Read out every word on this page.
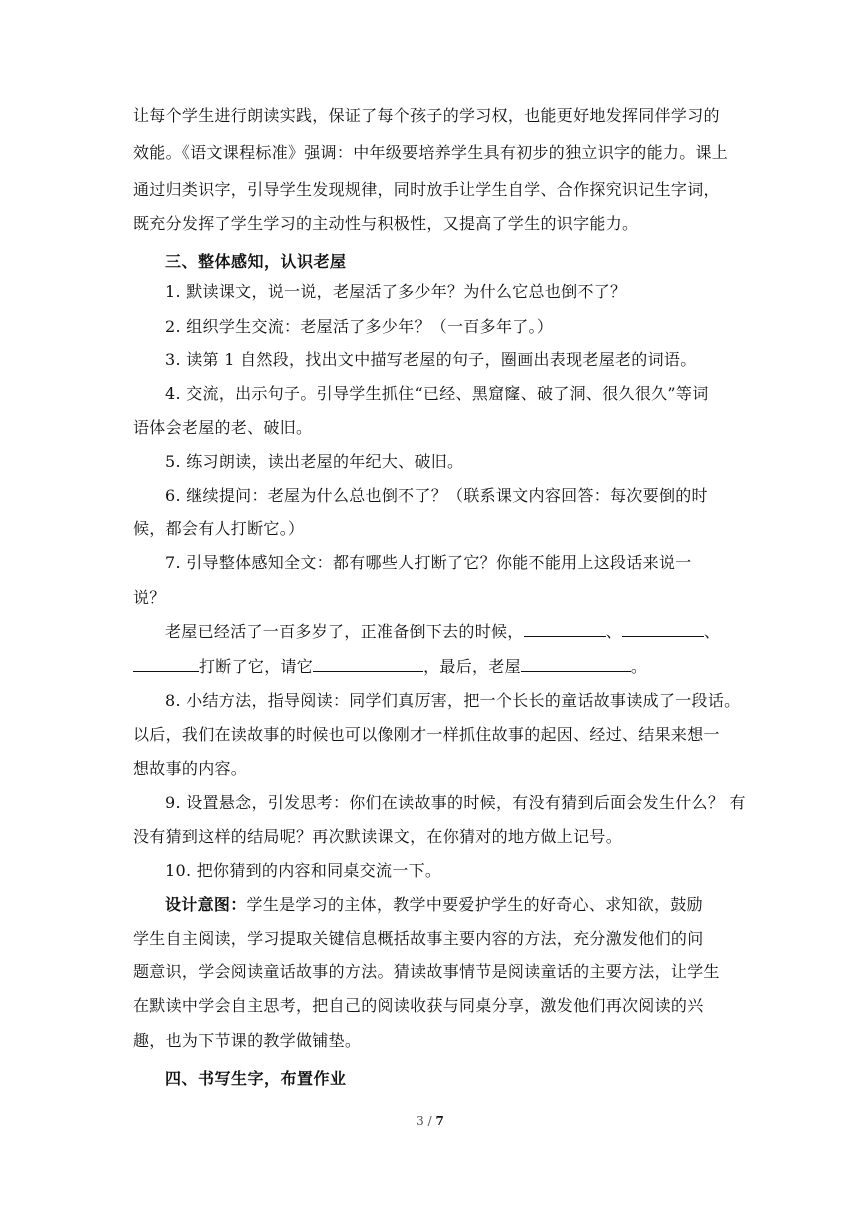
让每个学生进行朗读实践，保证了每个孩子的学习权，也能更好地发挥同伴学习的
效能。《语文课程标准》强调：中年级要培养学生具有初步的独立识字的能力。课上
通过归类识字，引导学生发现规律，同时放手让学生自学、合作探究识记生字词，
既充分发挥了学生学习的主动性与积极性，又提高了学生的识字能力。
三、整体感知，认识老屋
1. 默读课文，说一说，老屋活了多少年？为什么它总也倒不了？
2. 组织学生交流：老屋活了多少年？（一百多年了。）
3. 读第 1 自然段，找出文中描写老屋的句子，圈画出表现老屋老的词语。
4. 交流，出示句子。引导学生抓住“已经、黑窟窿、破了洞、很久很久”等词
语体会老屋的老、破旧。
5. 练习朗读，读出老屋的年纪大、破旧。
6. 继续提问：老屋为什么总也倒不了？（联系课文内容回答：每次要倒的时
候，都会有人打断它。）
7. 引导整体感知全文：都有哪些人打断了它？你能不能用上这段话来说一
说？
老屋已经活了一百多岁了，正准备倒下去的时候，	、	、
打断了它，请它	，最后，老屋	。
8. 小结方法，指导阅读：同学们真厉害，把一个长长的童话故事读成了一段话。
以后，我们在读故事的时候也可以像刚才一样抓住故事的起因、经过、结果来想一
想故事的内容。
9. 设置悬念，引发思考：你们在读故事的时候，有没有猜到后面会发生什么？ 有
没有猜到这样的结局呢？再次默读课文，在你猜对的地方做上记号。
10. 把你猜到的内容和同桌交流一下。
设计意图：学生是学习的主体，教学中要爱护学生的好奇心、求知欲，鼓励
学生自主阅读，学习提取关键信息概括故事主要内容的方法，充分激发他们的问
题意识，学会阅读童话故事的方法。猜读故事情节是阅读童话的主要方法，让学生
在默读中学会自主思考，把自己的阅读收获与同桌分享，激发他们再次阅读的兴
趣，也为下节课的教学做铺垫。
四、书写生字，布置作业
3 / 7
